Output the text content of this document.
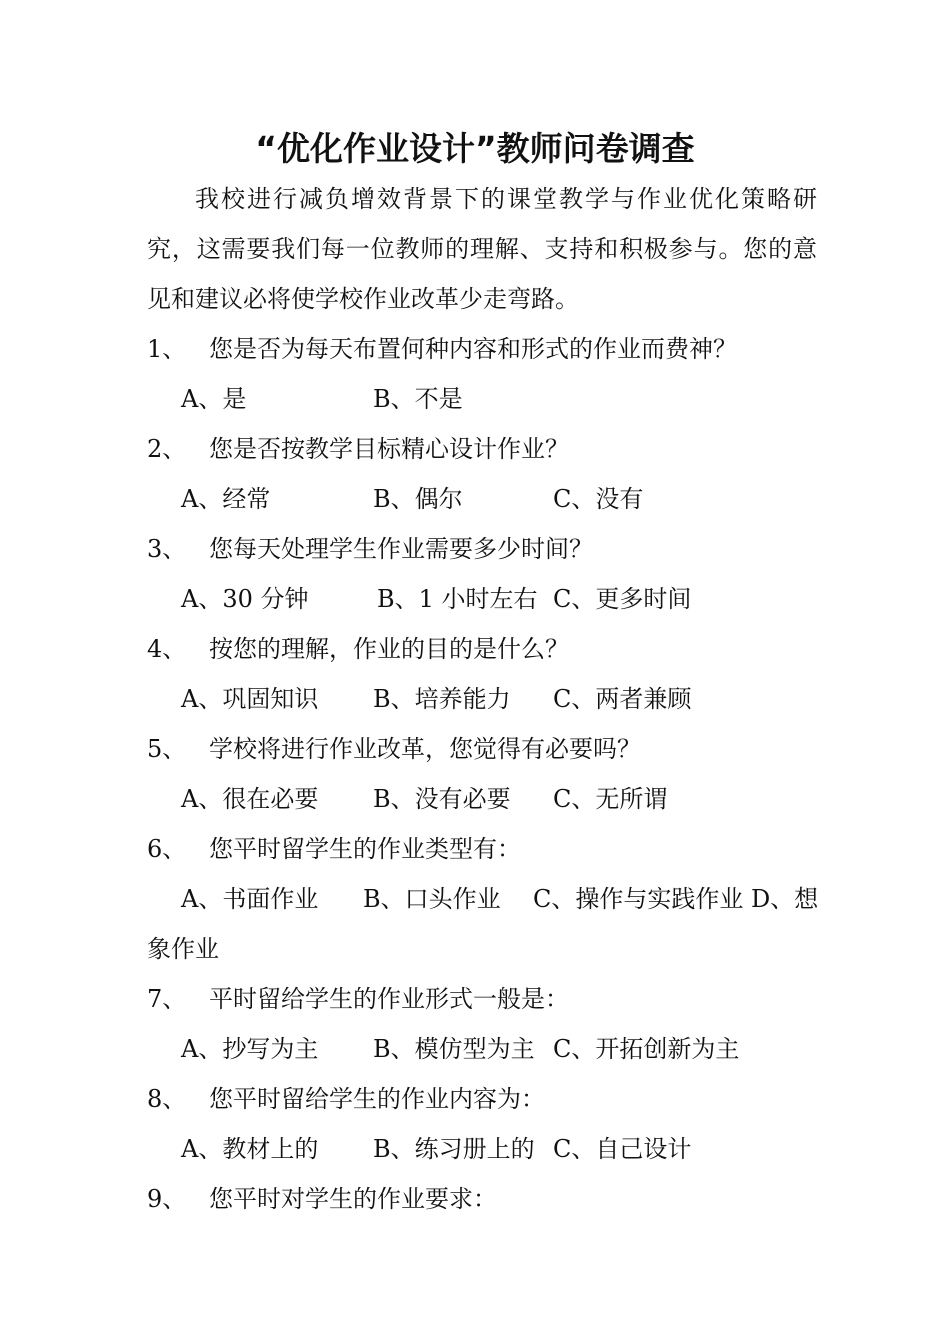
“优化作业设计”教师问卷调查
我校进行减负增效背景下的课堂教学与作业优化策略研究，这需要我们每一位教师的理解、支持和积极参与。您的意见和建议必将使学校作业改革少走弯路。
1、 您是否为每天布置何种内容和形式的作业而费神？
A、是	B、不是
2、 您是否按教学目标精心设计作业？
A、经常	B、偶尔	C、没有
3、 您每天处理学生作业需要多少时间？
A、30 分钟	B、1 小时左右 C、更多时间
4、 按您的理解，作业的目的是什么？
A、巩固知识 B、培养能力 C、两者兼顾
5、 学校将进行作业改革，您觉得有必要吗？
A、很在必要 B、没有必要 C、无所谓
6、 您平时留学生的作业类型有：
A、书面作业 B、口头作业 C、操作与实践作业 D、想
象作业
7、 平时留给学生的作业形式一般是：
A、抄写为主 B、模仿型为主 C、开拓创新为主
8、 您平时留给学生的作业内容为：
A、教材上的 B、练习册上的 C、自己设计
9、 您平时对学生的作业要求：
